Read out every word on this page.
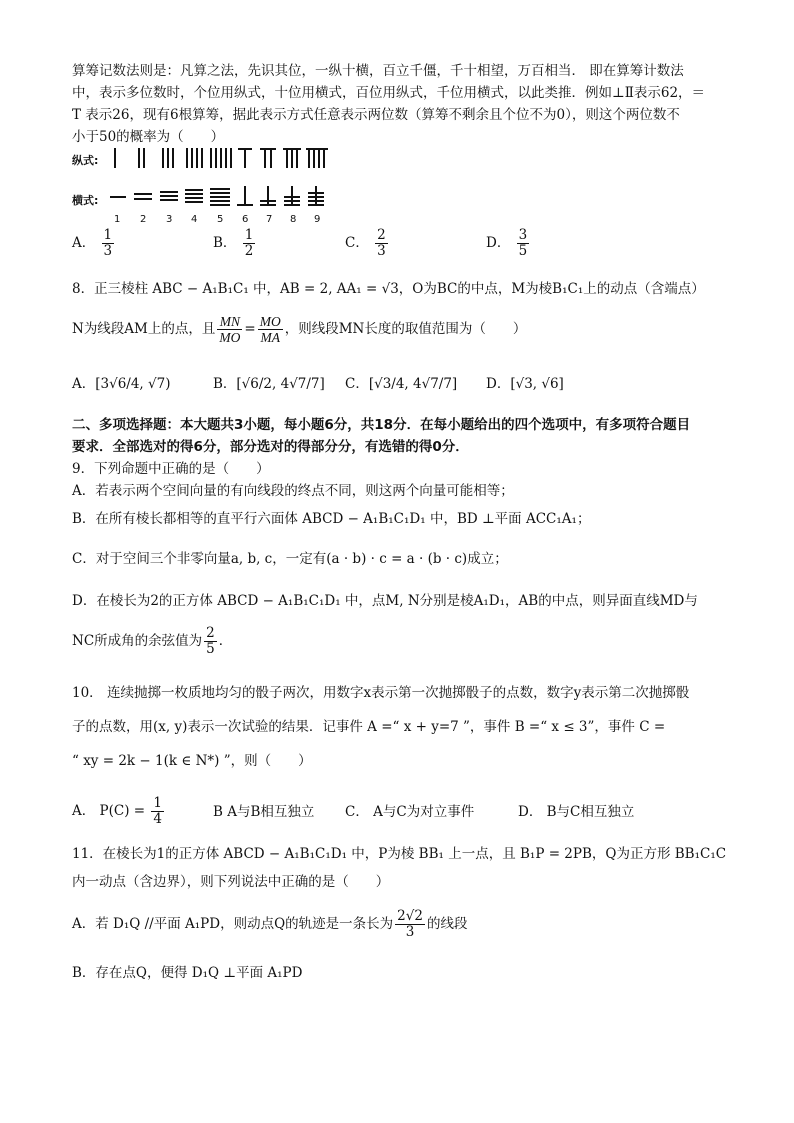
算筹记数法则是：凡算之法，先识其位，一纵十横，百立千僵，千十相望，万百相当． 即在算筹计数法
中，表示多位数时，个位用纵式，十位用横式，百位用纵式，千位用横式，以此类推．例如⊥Ⅱ表示62，＝
T 表示26，现有6根算筹，据此表示方式任意表示两位数（算筹不剩余且个位不为0），则这个两位数不
小于50的概率为（　　）
纵式:
横式:
1 2 3 4 5 6 7 8 9
A． $\frac{1}{3}$	B． $\frac{1}{2}$	C． $\frac{2}{3}$	D． $\frac{3}{5}$
8．正三棱柱 ABC − A₁B₁C₁ 中，AB = 2, AA₁ = √3，O为BC的中点，M为棱B₁C₁上的动点（含端点）
N为线段AM上的点，且 $\frac{MN}{MO} = \frac{MO}{MA}$ ，则线段MN长度的取值范围为（　　）
A．[3√6/4, √7)	B．[√6/2, 4√7/7] C．[√3/4, 4√7/7] D．[√3, √6]
二、多项选择题：本大题共3小题，每小题6分，共18分．在每小题给出的四个选项中，有多项符合题目
要求．全部选对的得6分，部分选对的得部分分，有选错的得0分．
9．下列命题中正确的是（　　）
A．若表示两个空间向量的有向线段的终点不同，则这两个向量可能相等；
B．在所有棱长都相等的直平行六面体 ABCD − A₁B₁C₁D₁ 中，BD ⊥平面 ACC₁A₁；
C．对于空间三个非零向量a, b, c，一定有(a · b) · c = a · (b · c)成立；
D．在棱长为2的正方体 ABCD − A₁B₁C₁D₁ 中，点M, N分别是棱A₁D₁，AB的中点，则异面直线MD与
NC所成角的余弦值为 $\frac{2}{5}$ ．
10． 连续抛掷一枚质地均匀的骰子两次，用数字x表示第一次抛掷骰子的点数，数字y表示第二次抛掷骰
子的点数，用(x, y)表示一次试验的结果．记事件 A =“ x + y=7 ”，事件 B =“ x ≤ 3”，事件 C =
“ xy = 2k − 1(k ∈ N*) ”，则（　　）
A． $P(C) = \frac{1}{4}$	B A与B相互独立 C． A与C为对立事件	D． B与C相互独立
11．在棱长为1的正方体 ABCD − A₁B₁C₁D₁ 中，P为棱 BB₁ 上一点，且 B₁P = 2PB，Q为正方形 BB₁C₁C
内一动点（含边界），则下列说法中正确的是（　　）
A．若 D₁Q //平面 A₁PD，则动点Q的轨迹是一条长为 $\frac{2√2}{3}$ 的线段
B．存在点Q，便得 D₁Q ⊥平面 A₁PD
